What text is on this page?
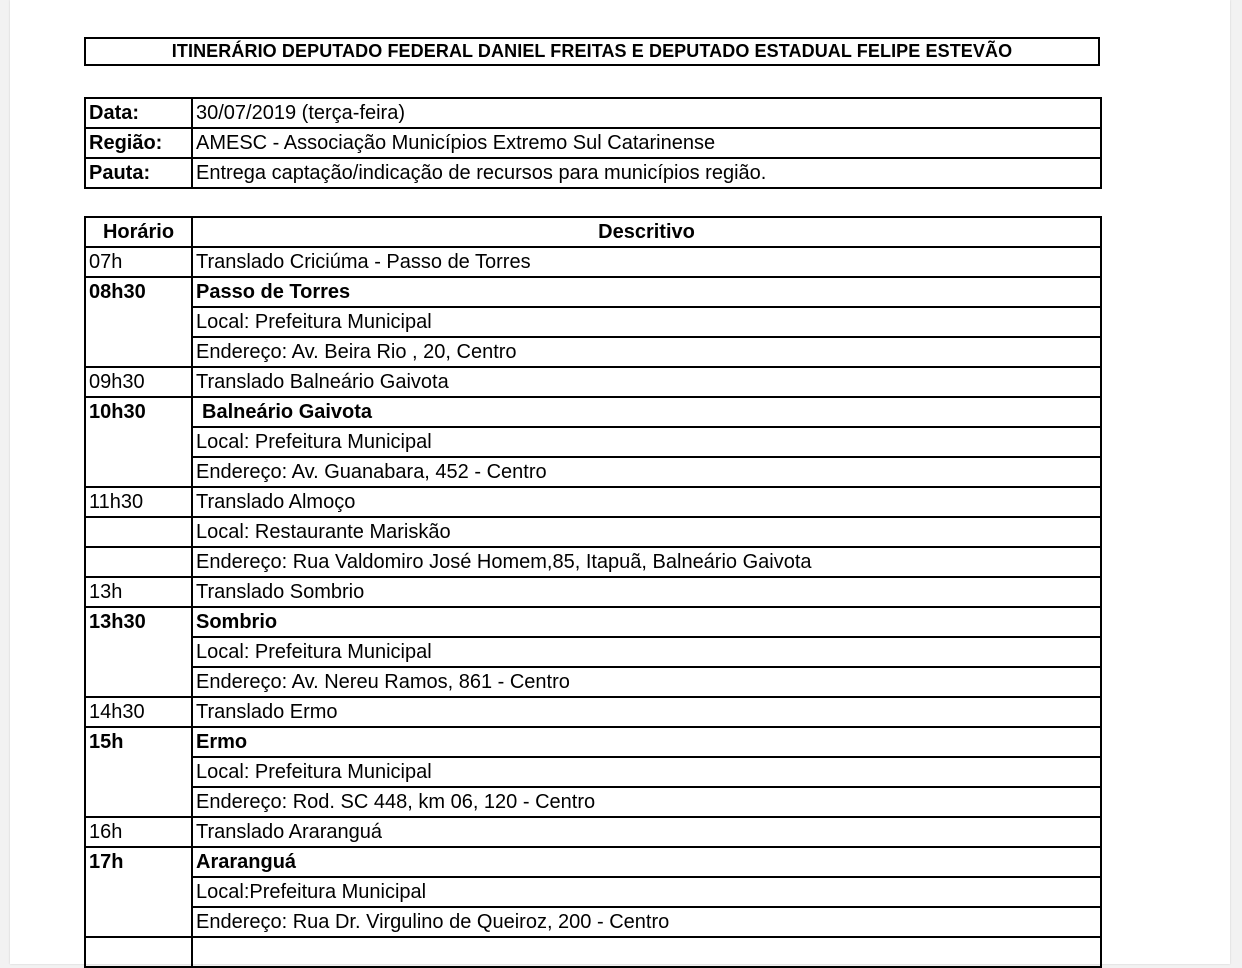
ITINERÁRIO DEPUTADO FEDERAL DANIEL FREITAS E DEPUTADO ESTADUAL FELIPE ESTEVÃO
Data:	30/07/2019 (terça-feira)
Região:	AMESC - Associação Municípios Extremo Sul Catarinense
Pauta:	Entrega captação/indicação de recursos para municípios região.
Horário	Descritivo
07h	Translado Criciúma - Passo de Torres
08h30	Passo de Torres
	Local: Prefeitura Municipal
	Endereço: Av. Beira Rio , 20, Centro
09h30	Translado Balneário Gaivota
10h30	Balneário Gaivota
	Local: Prefeitura Municipal
	Endereço: Av. Guanabara, 452 - Centro
11h30	Translado Almoço
	Local: Restaurante Mariskão
	Endereço: Rua Valdomiro José Homem,85, Itapuã, Balneário Gaivota
13h	Translado Sombrio
13h30	Sombrio
	Local: Prefeitura Municipal
	Endereço: Av. Nereu Ramos, 861 - Centro
14h30	Translado Ermo
15h	Ermo
	Local: Prefeitura Municipal
	Endereço: Rod. SC 448, km 06, 120 - Centro
16h	Translado Araranguá
17h	Araranguá
	Local:Prefeitura Municipal
	Endereço: Rua Dr. Virgulino de Queiroz, 200 - Centro
